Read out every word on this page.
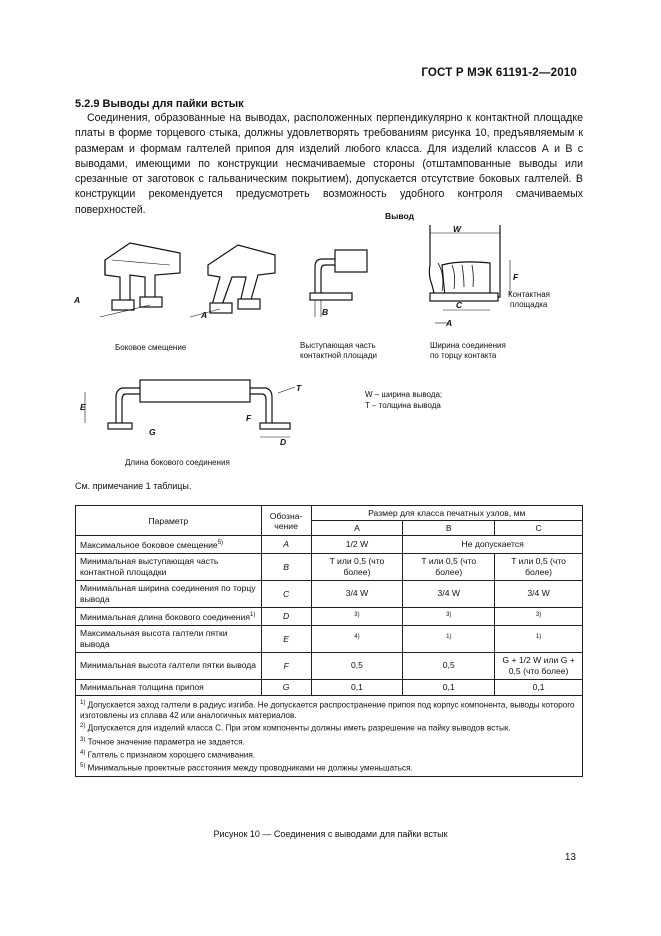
ГОСТ Р МЭК 61191-2—2010
5.2.9 Выводы для пайки встык
Соединения, образованные на выводах, расположенных перпендикулярно к контактной площадке платы в форме торцевого стыка, должны удовлетворять требованиям рисунка 10, предъявляемым к размерам и формам галтелей припоя для изделий любого класса. Для изделий классов А и В с выводами, имеющими по конструкции несмачиваемые стороны (отштампованные выводы или срезанные от заготовок с гальваническим покрытием), допускается отсутствие боковых галтелей. В конструкции рекомендуется предусмотреть возможность удобного контроля смачиваемых поверхностей.
A
A
Боковое смещение
B
Выступающая часть
контактной площади
Вывод
W
F
C
A
Контактная
площадка
Ширина соединения
по торцу контакта
E
G
F
T
D
Длина бокового соединения
W – ширина вывода;
T – толщина вывода
См. примечание 1 таблицы.
Параметр	Обозна-чение	Размер для класса печатных узлов, мм		
		A	B	C
Максимальное боковое смещение$^{5)}$	A	1/2 W	Не допускается	
Минимальная выступающая часть контактной площадки	B	T или 0,5 (что более)	T или 0,5 (что более)	T или 0,5 (что более)
Минимальная ширина соединения по торцу вывода	C	3/4 W	3/4 W	3/4 W
Минимальная длина бокового соединения$^{1)}$	D	$^{3)}$	$^{3)}$	$^{3)}$
Максимальная высота галтели пятки вывода	E	$^{4)}$	$^{1)}$	$^{1)}$
Минимальная высота галтели пятки вывода	F	0,5	0,5	G + 1/2 W или G + 0,5 (что более)
Минимальная толщина припоя	G	0,1	0,1	0,1

$^{1)}$ Допускается заход галтели в радиус изгиба. Не допускается распространение припоя под корпус компонента, выводы которого изготовлены из сплава 42 или аналогичных материалов.
$^{2)}$ Допускается для изделий класса С. При этом компоненты должны иметь разрешение на пайку выводов встык.
$^{3)}$ Точное значение параметра не задается.
$^{4)}$ Галтель с признаком хорошего смачивания.
$^{5)}$ Минимальные проектные расстояния между проводниками не должны уменьшаться.				
Рисунок 10 — Соединения с выводами для пайки встык
13
